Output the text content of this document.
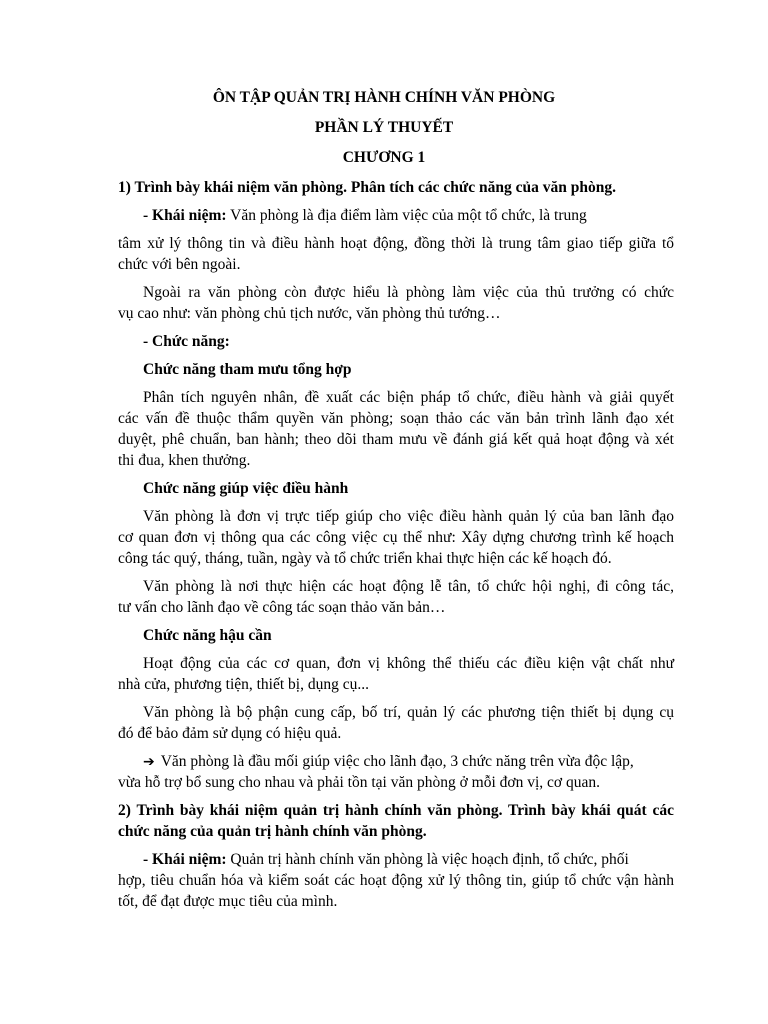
ÔN TẬP QUẢN TRỊ HÀNH CHÍNH VĂN PHÒNG
PHẦN LÝ THUYẾT
CHƯƠNG 1
1) Trình bày khái niệm văn phòng. Phân tích các chức năng của văn phòng.
- Khái niệm: Văn phòng là địa điểm làm việc của một tổ chức, là trung
tâm xử lý thông tin và điều hành hoạt động, đồng thời là trung tâm giao tiếp giữa tổ
chức với bên ngoài.
Ngoài ra văn phòng còn được hiểu là phòng làm việc của thủ trưởng có chức
vụ cao như: văn phòng chủ tịch nước, văn phòng thủ tướng…
- Chức năng:
Chức năng tham mưu tổng hợp
Phân tích nguyên nhân, đề xuất các biện pháp tổ chức, điều hành và giải quyết
các vấn đề thuộc thẩm quyền văn phòng; soạn thảo các văn bản trình lãnh đạo xét
duyệt, phê chuẩn, ban hành; theo dõi tham mưu về đánh giá kết quả hoạt động và xét
thi đua, khen thưởng.
Chức năng giúp việc điều hành
Văn phòng là đơn vị trực tiếp giúp cho việc điều hành quản lý của ban lãnh đạo
cơ quan đơn vị thông qua các công việc cụ thể như: Xây dựng chương trình kế hoạch
công tác quý, tháng, tuần, ngày và tổ chức triển khai thực hiện các kế hoạch đó.
Văn phòng là nơi thực hiện các hoạt động lễ tân, tổ chức hội nghị, đi công tác,
tư vấn cho lãnh đạo về công tác soạn thảo văn bản…
Chức năng hậu cần
Hoạt động của các cơ quan, đơn vị không thể thiếu các điều kiện vật chất như
nhà cửa, phương tiện, thiết bị, dụng cụ...
Văn phòng là bộ phận cung cấp, bố trí, quản lý các phương tiện thiết bị dụng cụ
đó để bảo đảm sử dụng có hiệu quả.
➔ Văn phòng là đầu mối giúp việc cho lãnh đạo, 3 chức năng trên vừa độc lập,
vừa hỗ trợ bổ sung cho nhau và phải tồn tại văn phòng ở mỗi đơn vị, cơ quan.
2) Trình bày khái niệm quản trị hành chính văn phòng. Trình bày khái quát các
chức năng của quản trị hành chính văn phòng.
- Khái niệm: Quản trị hành chính văn phòng là việc hoạch định, tổ chức, phối
hợp, tiêu chuẩn hóa và kiểm soát các hoạt động xử lý thông tin, giúp tổ chức vận hành
tốt, để đạt được mục tiêu của mình.
